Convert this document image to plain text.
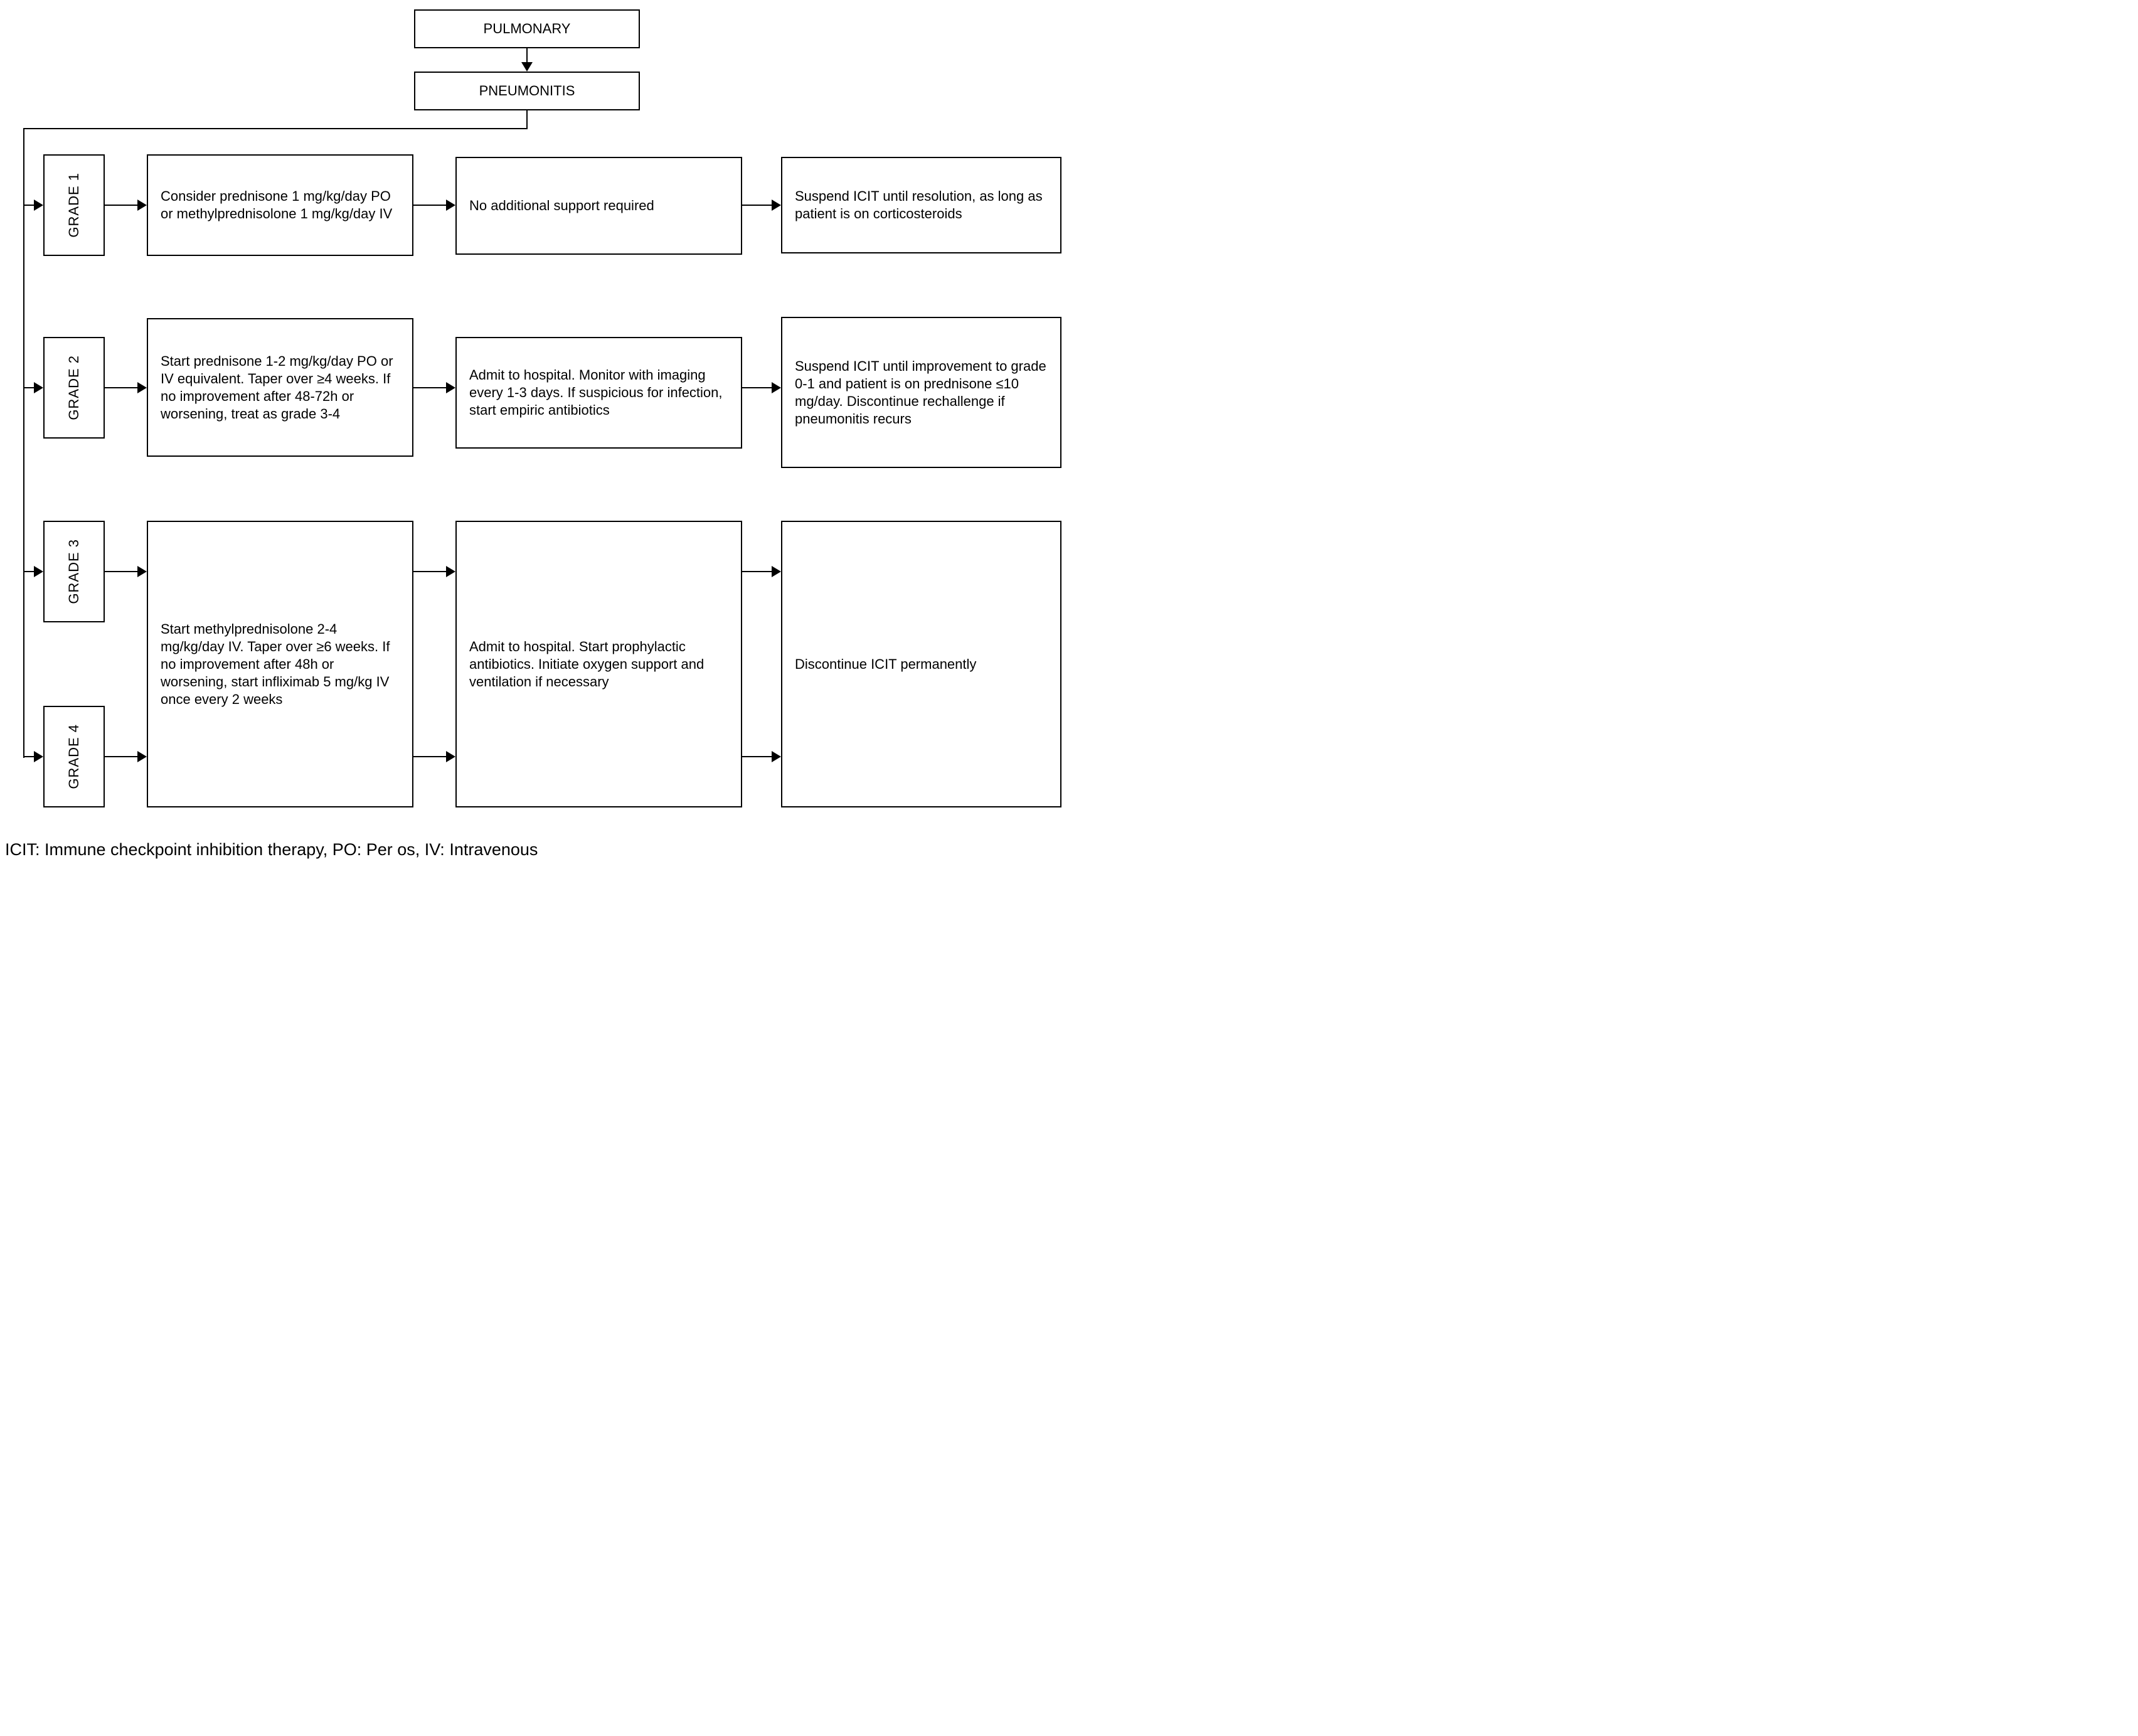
PULMONARY
PNEUMONITIS
GRADE 1	Consider prednisone 1 mg/kg/day PO or methylprednisolone 1 mg/kg/day IV
No additional support required
Suspend ICIT until resolution, as long as patient is on corticosteroids
GRADE 2	Start prednisone 1-2 mg/kg/day PO or IV equivalent. Taper over ≥4 weeks. If no improvement after 48-72h or worsening, treat as grade 3-4
Admit to hospital. Monitor with imaging every 1-3 days. If suspicious for infection, start empiric antibiotics
Suspend ICIT until improvement to grade 0-1 and patient is on prednisone ≤10 mg/day. Discontinue rechallenge if pneumonitis recurs
GRADE 3
GRADE 4
Start methylprednisolone 2-4 mg/kg/day IV. Taper over ≥6 weeks. If no improvement after 48h or worsening, start infliximab 5 mg/kg IV once every 2 weeks
Admit to hospital. Start prophylactic antibiotics. Initiate oxygen support and ventilation if necessary
Discontinue ICIT permanently
ICIT: Immune checkpoint inhibition therapy, PO: Per os, IV: Intravenous
